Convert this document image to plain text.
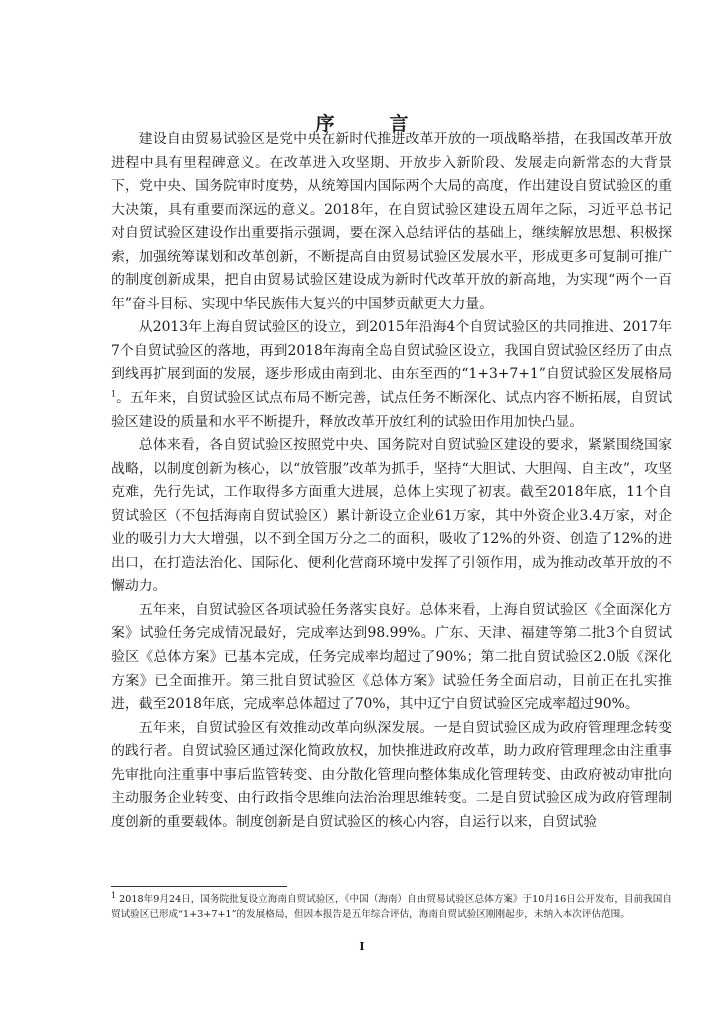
序　言

建设自由贸易试验区是党中央在新时代推进改革开放的一项战略举措，在我国改革开放进程中具有里程碑意义。在改革进入攻坚期、开放步入新阶段、发展走向新常态的大背景下，党中央、国务院审时度势，从统筹国内国际两个大局的高度，作出建设自贸试验区的重大决策，具有重要而深远的意义。2018年，在自贸试验区建设五周年之际，习近平总书记对自贸试验区建设作出重要指示强调，要在深入总结评估的基础上，继续解放思想、积极探索，加强统筹谋划和改革创新，不断提高自由贸易试验区发展水平，形成更多可复制可推广的制度创新成果，把自由贸易试验区建设成为新时代改革开放的新高地，为实现“两个一百年”奋斗目标、实现中华民族伟大复兴的中国梦贡献更大力量。

从2013年上海自贸试验区的设立，到2015年沿海4个自贸试验区的共同推进、2017年7个自贸试验区的落地，再到2018年海南全岛自贸试验区设立，我国自贸试验区经历了由点到线再扩展到面的发展，逐步形成由南到北、由东至西的“1+3+7+1”自贸试验区发展格局$^1$。五年来，自贸试验区试点布局不断完善，试点任务不断深化、试点内容不断拓展，自贸试验区建设的质量和水平不断提升，释放改革开放红利的试验田作用加快凸显。

总体来看，各自贸试验区按照党中央、国务院对自贸试验区建设的要求，紧紧围绕国家战略，以制度创新为核心，以“放管服”改革为抓手，坚持“大胆试、大胆闯、自主改”，攻坚克难，先行先试，工作取得多方面重大进展，总体上实现了初衷。截至2018年底，11个自贸试验区（不包括海南自贸试验区）累计新设立企业61万家，其中外资企业3.4万家，对企业的吸引力大大增强，以不到全国万分之二的面积，吸收了12%的外资、创造了12%的进出口，在打造法治化、国际化、便利化营商环境中发挥了引领作用，成为推动改革开放的不懈动力。

五年来，自贸试验区各项试验任务落实良好。总体来看，上海自贸试验区《全面深化方案》试验任务完成情况最好，完成率达到98.99%。广东、天津、福建等第二批3个自贸试验区《总体方案》已基本完成，任务完成率均超过了90%；第二批自贸试验区2.0版《深化方案》已全面推开。第三批自贸试验区《总体方案》试验任务全面启动，目前正在扎实推进，截至2018年底，完成率总体超过了70%，其中辽宁自贸试验区完成率超过90%。

五年来，自贸试验区有效推动改革向纵深发展。一是自贸试验区成为政府管理理念转变的践行者。自贸试验区通过深化简政放权，加快推进政府改革，助力政府管理理念由注重事先审批向注重事中事后监管转变、由分散化管理向整体集成化管理转变、由政府被动审批向主动服务企业转变、由行政指令思维向法治治理思维转变。二是自贸试验区成为政府管理制度创新的重要载体。制度创新是自贸试验区的核心内容，自运行以来，自贸试验

$^1$ 2018年9月24日，国务院批复设立海南自贸试验区，《中国（海南）自由贸易试验区总体方案》于10月16日公开发布，目前我国自贸试验区已形成“1+3+7+1”的发展格局，但因本报告是五年综合评估，海南自贸试验区刚刚起步，未纳入本次评估范围。
I
